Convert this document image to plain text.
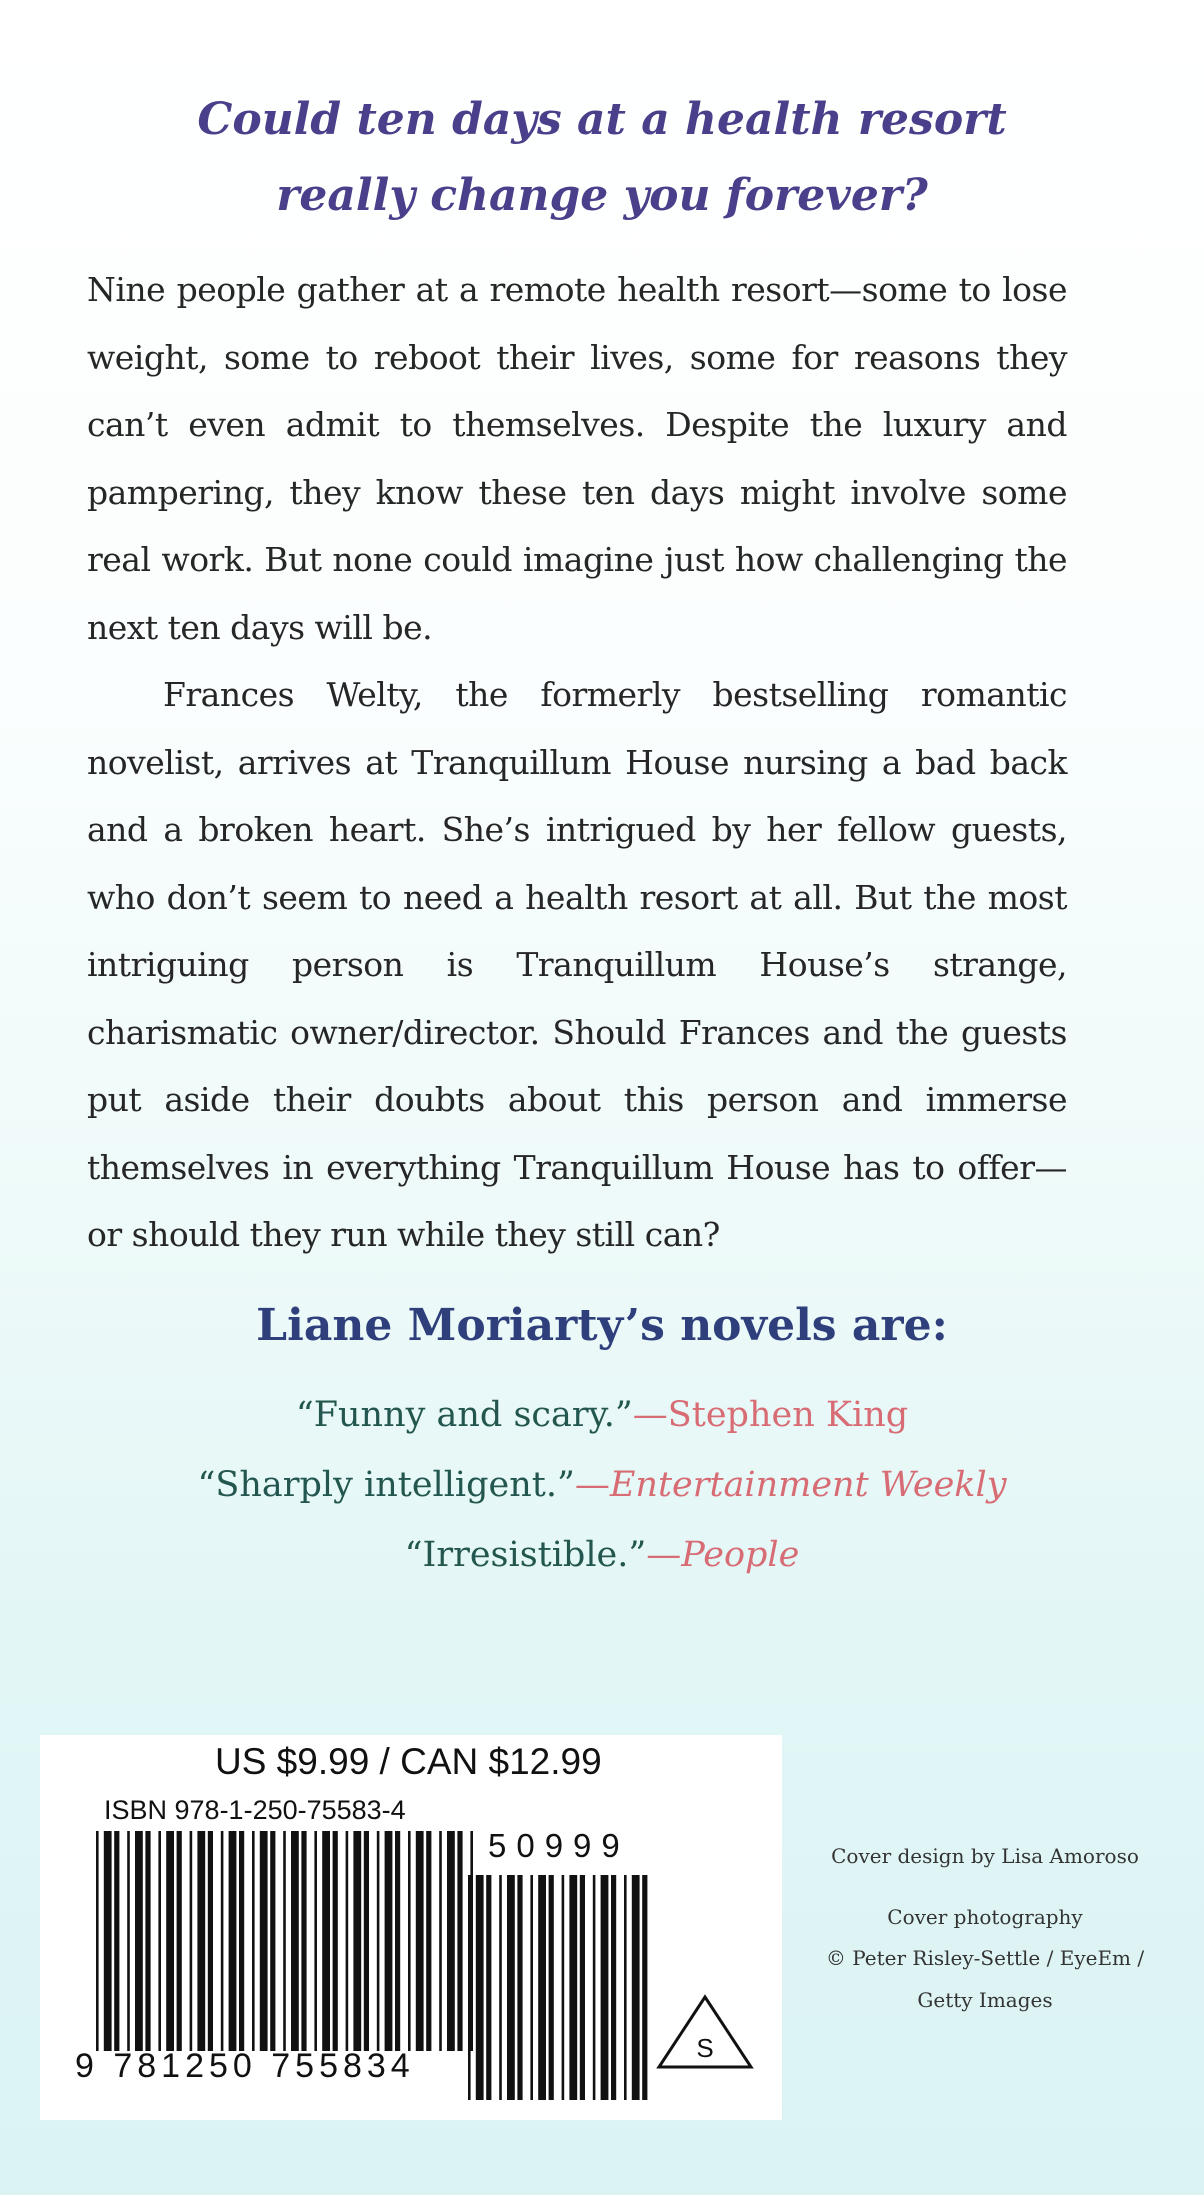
Could ten days at a health resort
really change you forever?

Nine people gather at a remote health resort—some to lose weight, some to reboot their lives, some for reasons they can’t even admit to themselves. Despite the luxury and pampering, they know these ten days might involve some real work. But none could imagine just how challenging the next ten days will be.

Frances Welty, the formerly bestselling romantic novelist, arrives at Tranquillum House nursing a bad back and a broken heart. She’s intrigued by her fellow guests, who don’t seem to need a health resort at all. But the most intriguing person is Tranquillum House’s strange, charismatic owner/director. Should Frances and the guests put aside their doubts about this person and immerse themselves in everything Tranquillum House has to offer—or should they run while they still can?

Liane Moriarty’s novels are:
“Funny and scary.”—Stephen King
“Sharply intelligent.”—Entertainment Weekly
“Irresistible.”—People
US $9.99 / CAN $12.99
ISBN 978-1-250-75583-4
9 781250 755834
50999
S
Cover design by Lisa Amoroso
Cover photography
© Peter Risley-Settle / EyeEm /
Getty Images
